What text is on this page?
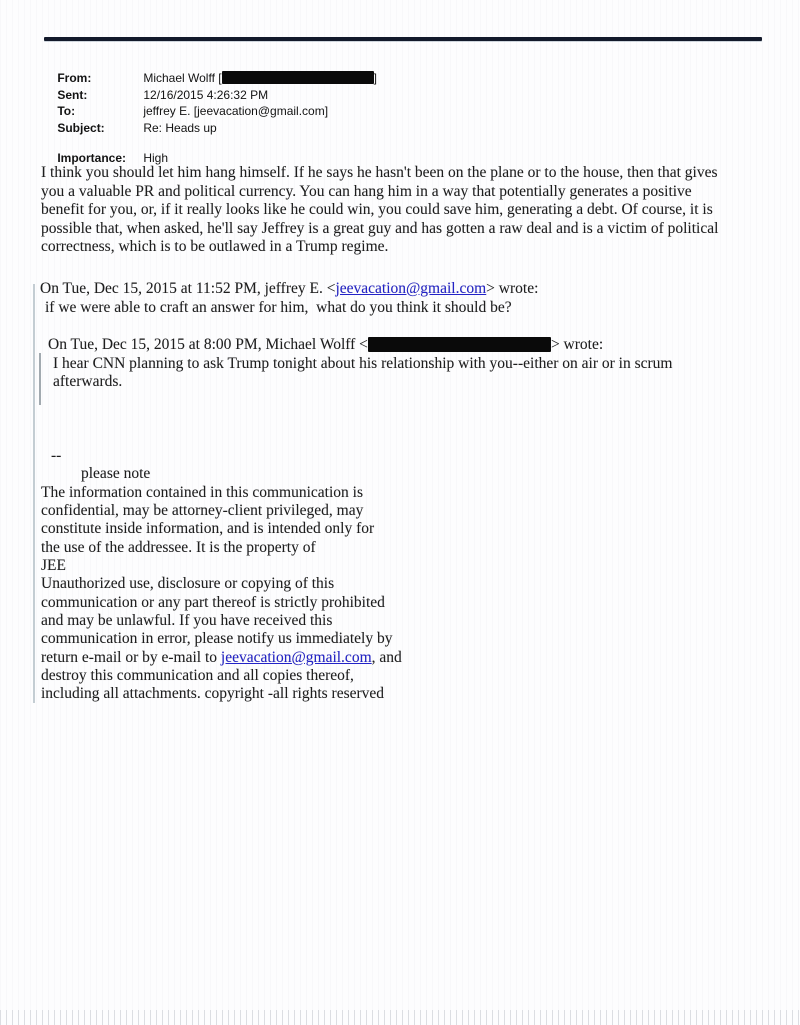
From:	Michael Wolff [	]

Sent:	12/16/2015 4:26:32 PM

To:	jeffrey E. [jeevacation@gmail.com]

Subject:	Re: Heads up

Importance: High

I think you should let him hang himself. If he says he hasn't been on the plane or to the house, then that gives
you a valuable PR and political currency. You can hang him in a way that potentially generates a positive
benefit for you, or, if it really looks like he could win, you could save him, generating a debt. Of course, it is
possible that, when asked, he'll say Jeffrey is a great guy and has gotten a raw deal and is a victim of political
correctness, which is to be outlawed in a Trump regime.
On Tue, Dec 15, 2015 at 11:52 PM, jeffrey E. <jeevacation@gmail.com> wrote:
if we were able to craft an answer for him,  what do you think it should be?
On Tue, Dec 15, 2015 at 8:00 PM, Michael Wolff <	> wrote:
I hear CNN planning to ask Trump tonight about his relationship with you--either on air or in scrum
afterwards.
--
please note
The information contained in this communication is
confidential, may be attorney-client privileged, may
constitute inside information, and is intended only for
the use of the addressee. It is the property of
JEE
Unauthorized use, disclosure or copying of this
communication or any part thereof is strictly prohibited
and may be unlawful. If you have received this
communication in error, please notify us immediately by
return e-mail or by e-mail to jeevacation@gmail.com, and
destroy this communication and all copies thereof,
including all attachments. copyright -all rights reserved
